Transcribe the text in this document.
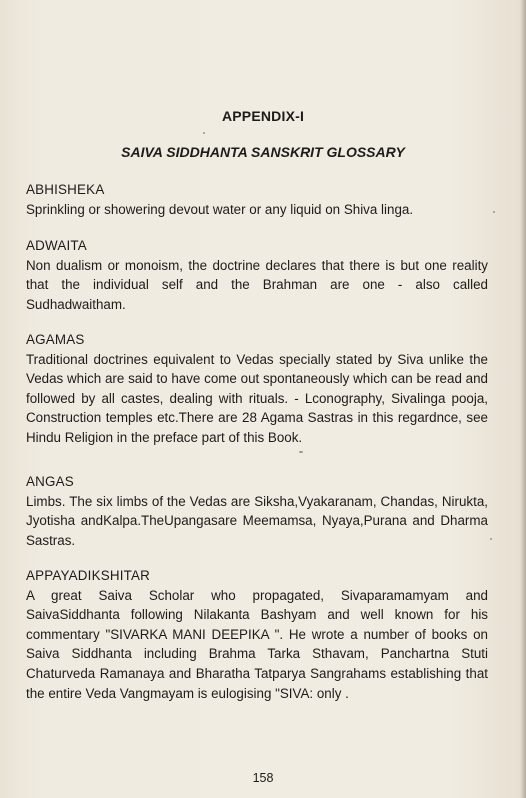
APPENDIX-I
SAIVA SIDDHANTA SANSKRIT GLOSSARY
ABHISHEKA
Sprinkling or showering devout water or any liquid on Shiva linga.
ADWAITA
Non dualism or monoism, the doctrine declares that there is but one reality that the individual self and the Brahman are one - also called Sudhadwaitham.
AGAMAS
Traditional doctrines equivalent to Vedas specially stated by Siva unlike the Vedas which are said to have come out spontaneously which can be read and followed by all castes, dealing with rituals. - Lconography, Sivalinga pooja, Construction temples etc.There are 28 Agama Sastras in this regardnce, see Hindu Religion in the preface part of this Book.
ANGAS
Limbs. The six limbs of the Vedas are Siksha,Vyakaranam, Chandas, Nirukta, Jyotisha andKalpa.TheUpangasare Meemamsa, Nyaya,Purana and Dharma Sastras.
APPAYADIKSHITAR
A great Saiva Scholar who propagated, Sivaparamamyam and SaivaSiddhanta following Nilakanta Bashyam and well known for his commentary "SIVARKA MANI DEEPIKA ". He wrote a number of books on Saiva Siddhanta including Brahma Tarka Sthavam, Panchartna Stuti Chaturveda Ramanaya and Bharatha Tatparya Sangrahams establishing that the entire Veda Vangmayam is eulogising "SIVA: only .
158
